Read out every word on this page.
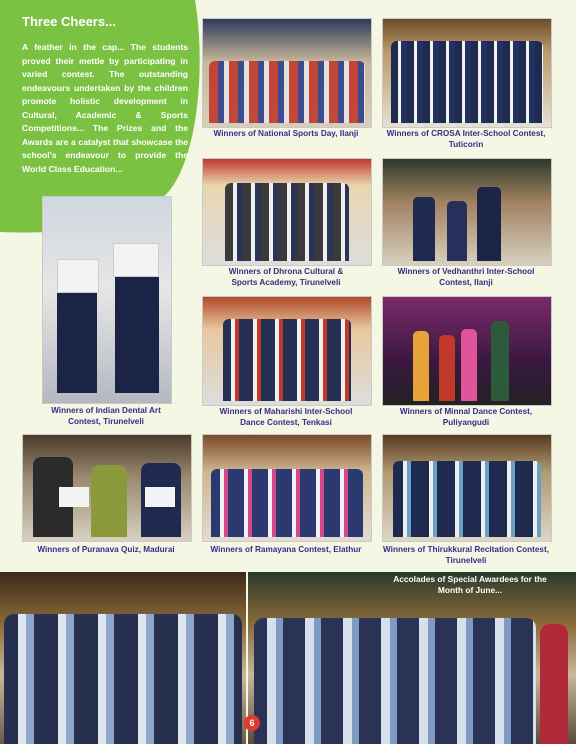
Three Cheers...

A feather in the cap... The students proved their mettle by participating in varied contest. The outstanding endeavours undertaken by the children promote holistic development in Cultural, Academic & Sports Competitions... The Prizes and the Awards are a catalyst that showcase the school's endeavour to provide the World Class Education...

Winners of National Sports Day, Ilanji	Winners of CROSA Inter-School Contest, Tuticorin
Winners of Dhrona Cultural & Sports Academy, Tirunelveli
Winners of Vedhanthri Inter-School Contest, Ilanji
Winners of Indian Dental Art Contest, Tirunelveli
Winners of Maharishi Inter-School Dance Contest, Tenkasi
Winners of Minnal Dance Contest, Puliyangudi
Winners of Puranava Quiz, Madurai	Winners of Ramayana Contest, Elathur	Winners of Thirukkural Recitation Contest, Tirunelveli
Accolades of Special Awardees for the Month of June...
6
